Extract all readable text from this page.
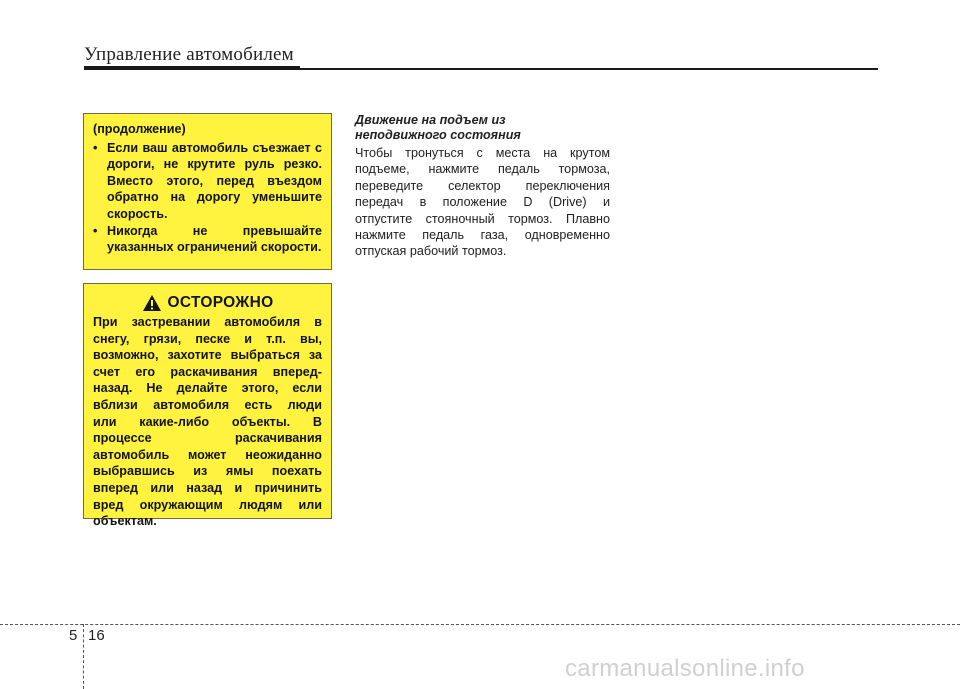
Управление автомобилем
(продолжение)
• Если ваш автомобиль съезжает с дороги, не крутите руль резко. Вместо этого, перед въездом обратно на дорогу уменьшите скорость.
• Никогда не превышайте указанных ограничений скорости.
ОСТОРОЖНО
При застревании автомобиля в
снегу, грязи, песке и т.п. вы,
возможно, захотите выбраться за
счет его раскачивания вперед-
назад. Не делайте этого, если
вблизи автомобиля есть люди
или какие-либо объекты. В
процессе раскачивания
автомобиль может неожиданно
выбравшись из ямы поехать
вперед или назад и причинить
вред окружающим людям или
объектам.
Движение на подъем из
неподвижного состояния
Чтобы тронуться с места на крутом
подъеме, нажмите педаль тормоза,
переведите селектор переключения
передач в положение D (Drive) и
отпустите стояночный тормоз. Плавно
нажмите педаль газа, одновременно
отпуская рабочий тормоз.
5 16
carmanualsonline.info
